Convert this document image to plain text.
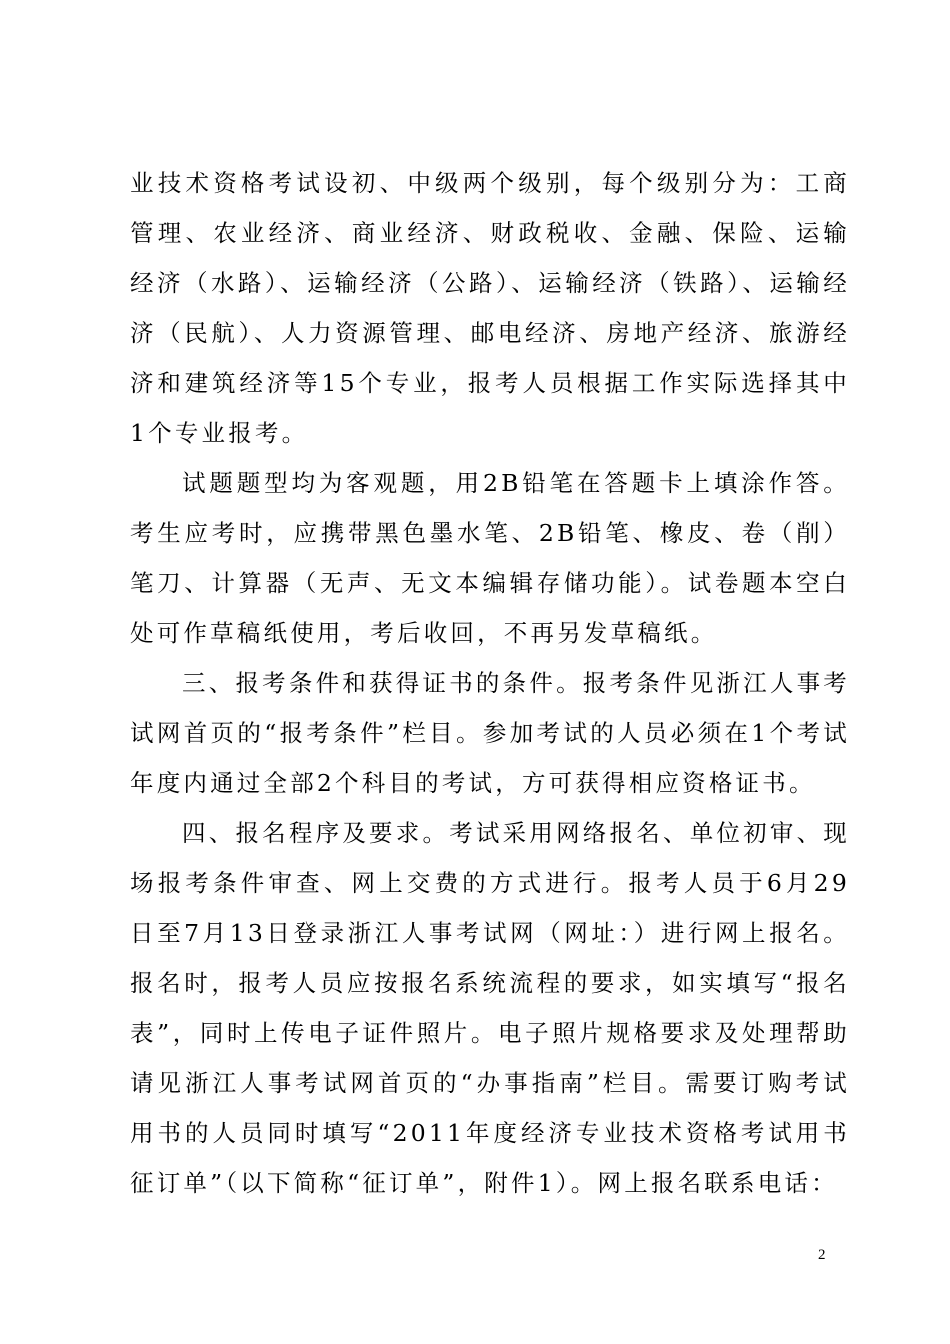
业技术资格考试设初、中级两个级别，每个级别分为：工商管理、农业经济、商业经济、财政税收、金融、保险、运输经济（水路）、运输经济（公路）、运输经济（铁路）、运输经济（民航）、人力资源管理、邮电经济、房地产经济、旅游经济和建筑经济等15个专业，报考人员根据工作实际选择其中1个专业报考。

试题题型均为客观题，用2B铅笔在答题卡上填涂作答。考生应考时，应携带黑色墨水笔、2B铅笔、橡皮、卷（削）笔刀、计算器（无声、无文本编辑存储功能）。试卷题本空白处可作草稿纸使用，考后收回，不再另发草稿纸。

三、报考条件和获得证书的条件。报考条件见浙江人事考试网首页的“报考条件”栏目。参加考试的人员必须在1个考试年度内通过全部2个科目的考试，方可获得相应资格证书。

四、报名程序及要求。考试采用网络报名、单位初审、现场报考条件审查、网上交费的方式进行。报考人员于6月29日至7月13日登录浙江人事考试网（网址：）进行网上报名。报名时，报考人员应按报名系统流程的要求，如实填写“报名表”，同时上传电子证件照片。电子照片规格要求及处理帮助请见浙江人事考试网首页的“办事指南”栏目。需要订购考试用书的人员同时填写“2011年度经济专业技术资格考试用书征订单”（以下简称“征订单”，附件1）。网上报名联系电话：

2
